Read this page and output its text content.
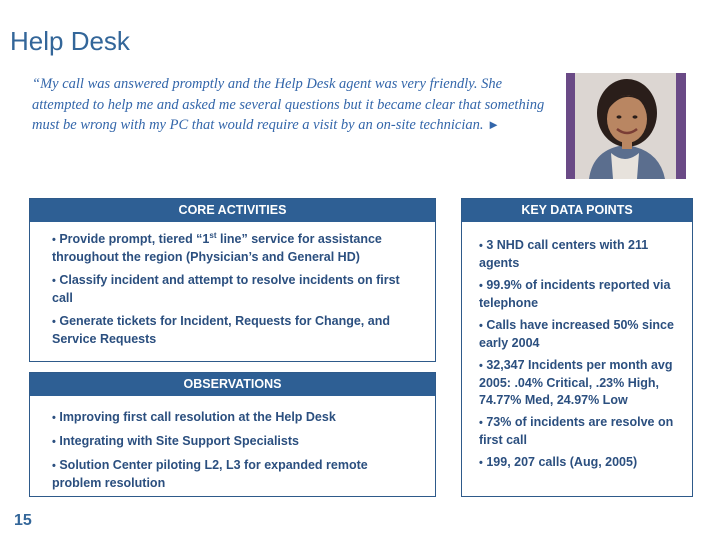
Help Desk
“My call was answered promptly and the Help Desk agent was very friendly. She attempted to help me and asked me several questions but it became clear that something must be wrong with my PC that would require a visit by an on-site technician. ►
CORE ACTIVITIES
• Provide prompt, tiered “1st line” service for assistance throughout the region (Physician’s and General HD)
• Classify incident and attempt to resolve incidents on first call
• Generate tickets for Incident, Requests for Change, and Service Requests
OBSERVATIONS
• Improving first call resolution at the Help Desk
• Integrating with Site Support Specialists
• Solution Center piloting L2, L3 for expanded remote problem resolution
KEY DATA POINTS
• 3 NHD call centers with 211 agents
• 99.9% of incidents reported via telephone
• Calls have increased 50% since early 2004
• 32,347 Incidents per month avg 2005: .04% Critical, .23% High, 74.77% Med, 24.97% Low
• 73% of incidents are resolve on first call
• 199, 207 calls (Aug, 2005)
15
